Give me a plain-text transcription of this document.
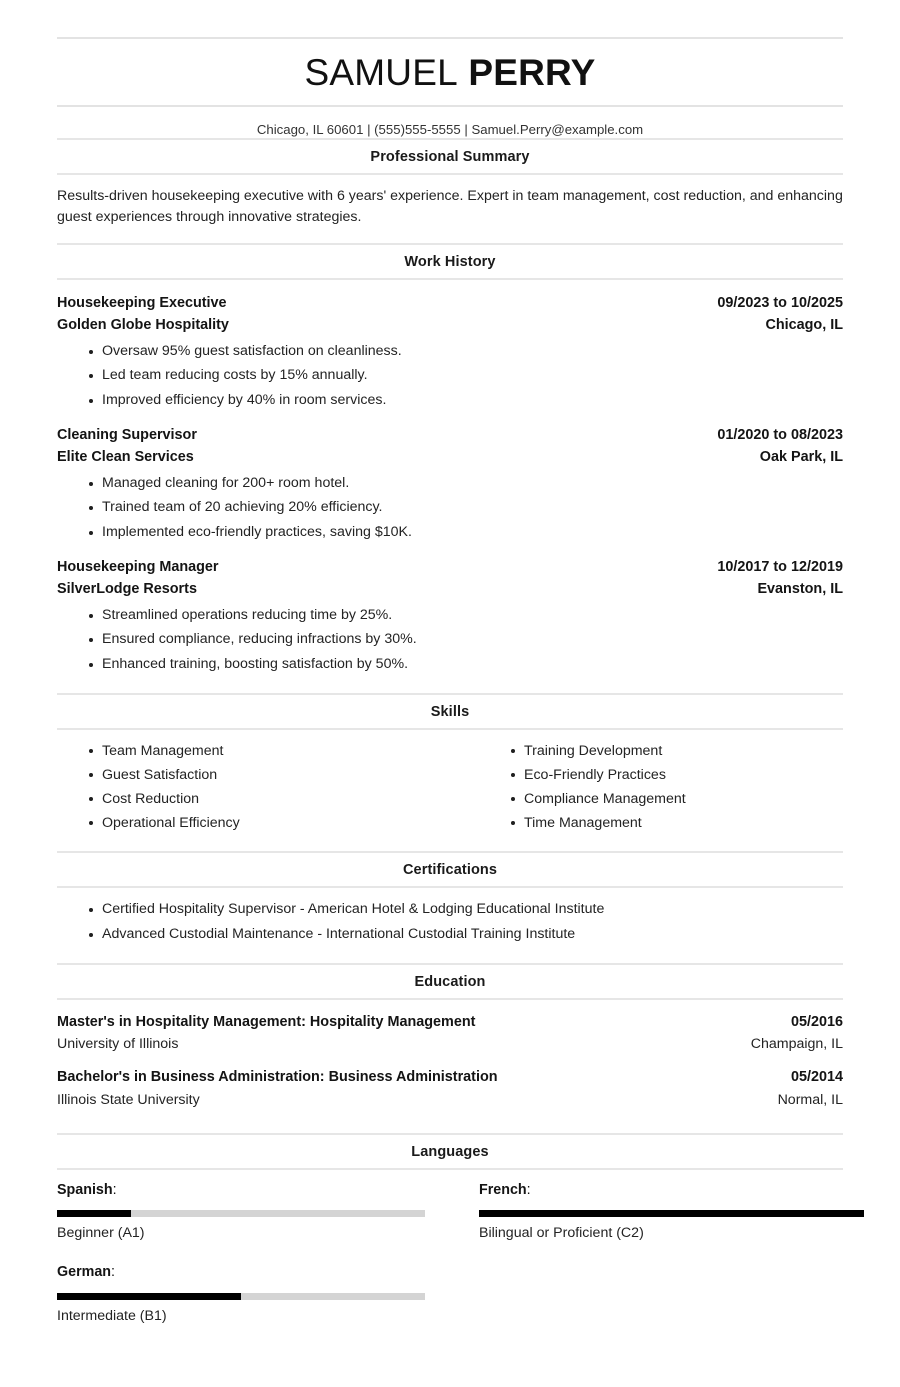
SAMUEL PERRY
Chicago, IL 60601 | (555)555-5555 | Samuel.Perry@example.com
Professional Summary
Results-driven housekeeping executive with 6 years' experience. Expert in team management, cost reduction, and enhancing guest experiences through innovative strategies.
Work History
Housekeeping Executive	09/2023 to 10/2025
Golden Globe Hospitality	Chicago, IL
Oversaw 95% guest satisfaction on cleanliness.
Led team reducing costs by 15% annually.
Improved efficiency by 40% in room services.
Cleaning Supervisor	01/2020 to 08/2023
Elite Clean Services	Oak Park, IL
Managed cleaning for 200+ room hotel.
Trained team of 20 achieving 20% efficiency.
Implemented eco-friendly practices, saving $10K.
Housekeeping Manager	10/2017 to 12/2019
SilverLodge Resorts	Evanston, IL
Streamlined operations reducing time by 25%.
Ensured compliance, reducing infractions by 30%.
Enhanced training, boosting satisfaction by 50%.
Skills
Team Management
Guest Satisfaction
Cost Reduction
Operational Efficiency
Training Development
Eco-Friendly Practices
Compliance Management
Time Management
Certifications
Certified Hospitality Supervisor - American Hotel & Lodging Educational Institute
Advanced Custodial Maintenance - International Custodial Training Institute
Education
Master's in Hospitality Management: Hospitality Management	05/2016
University of Illinois	Champaign, IL
Bachelor's in Business Administration: Business Administration	05/2014
Illinois State University	Normal, IL
Languages
Spanish:
Beginner (A1)
French:
Bilingual or Proficient (C2)
German:
Intermediate (B1)
